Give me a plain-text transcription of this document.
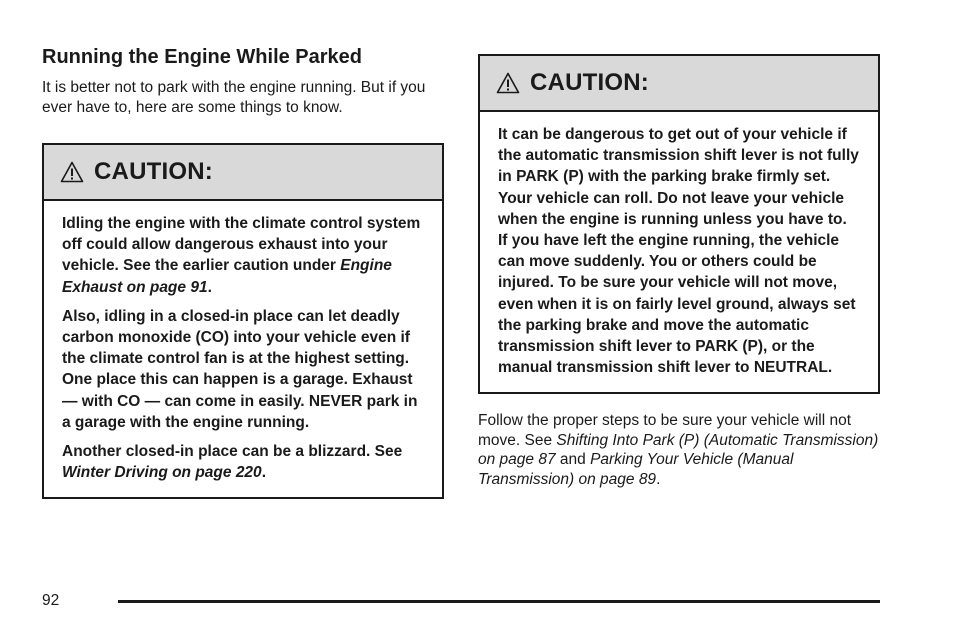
Running the Engine While Parked

It is better not to park with the engine running. But if you ever have to, here are some things to know.

CAUTION:

Idling the engine with the climate control system off could allow dangerous exhaust into your vehicle. See the earlier caution under Engine Exhaust on page 91.

Also, idling in a closed-in place can let deadly carbon monoxide (CO) into your vehicle even if the climate control fan is at the highest setting. One place this can happen is a garage. Exhaust — with CO — can come in easily. NEVER park in a garage with the engine running.

Another closed-in place can be a blizzard. See Winter Driving on page 220.

CAUTION:

It can be dangerous to get out of your vehicle if the automatic transmission shift lever is not fully in PARK (P) with the parking brake firmly set. Your vehicle can roll. Do not leave your vehicle when the engine is running unless you have to.

If you have left the engine running, the vehicle can move suddenly. You or others could be injured. To be sure your vehicle will not move, even when it is on fairly level ground, always set the parking brake and move the automatic transmission shift lever to PARK (P), or the manual transmission shift lever to NEUTRAL.

Follow the proper steps to be sure your vehicle will not move. See Shifting Into Park (P) (Automatic Transmission) on page 87 and Parking Your Vehicle (Manual Transmission) on page 89.

92
